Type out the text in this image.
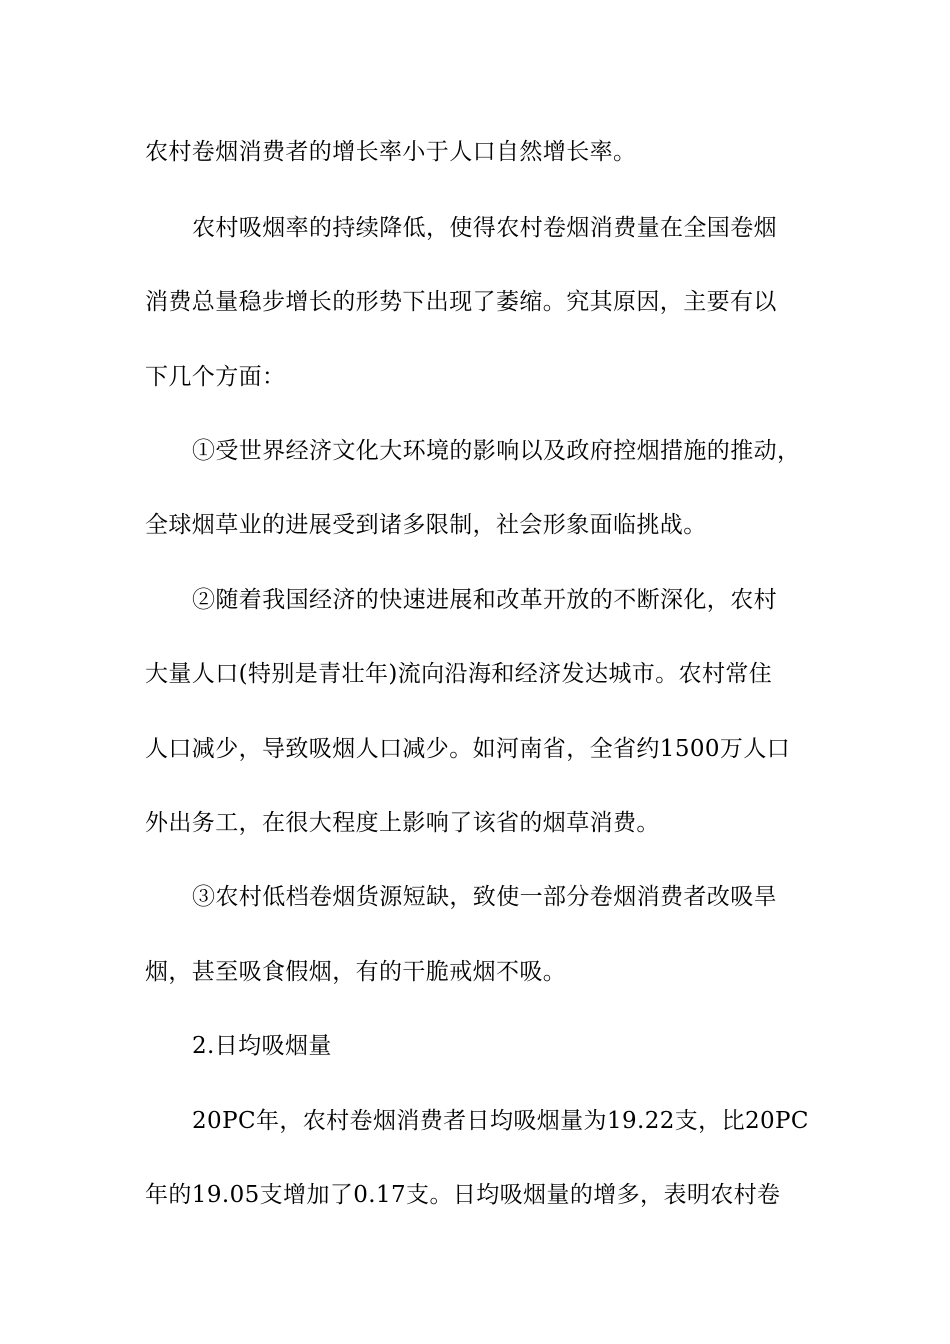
农村卷烟消费者的增长率小于人口自然增长率。
农村吸烟率的持续降低，使得农村卷烟消费量在全国卷烟
消费总量稳步增长的形势下出现了萎缩。究其原因，主要有以
下几个方面：
①受世界经济文化大环境的影响以及政府控烟措施的推动，
全球烟草业的进展受到诸多限制，社会形象面临挑战。
②随着我国经济的快速进展和改革开放的不断深化，农村
大量人口(特别是青壮年)流向沿海和经济发达城市。农村常住
人口减少，导致吸烟人口减少。如河南省，全省约1500万人口
外出务工，在很大程度上影响了该省的烟草消费。
③农村低档卷烟货源短缺，致使一部分卷烟消费者改吸旱
烟，甚至吸食假烟，有的干脆戒烟不吸。
2.日均吸烟量
20PC年，农村卷烟消费者日均吸烟量为19.22支，比20PC
年的19.05支增加了0.17支。日均吸烟量的增多，表明农村卷
